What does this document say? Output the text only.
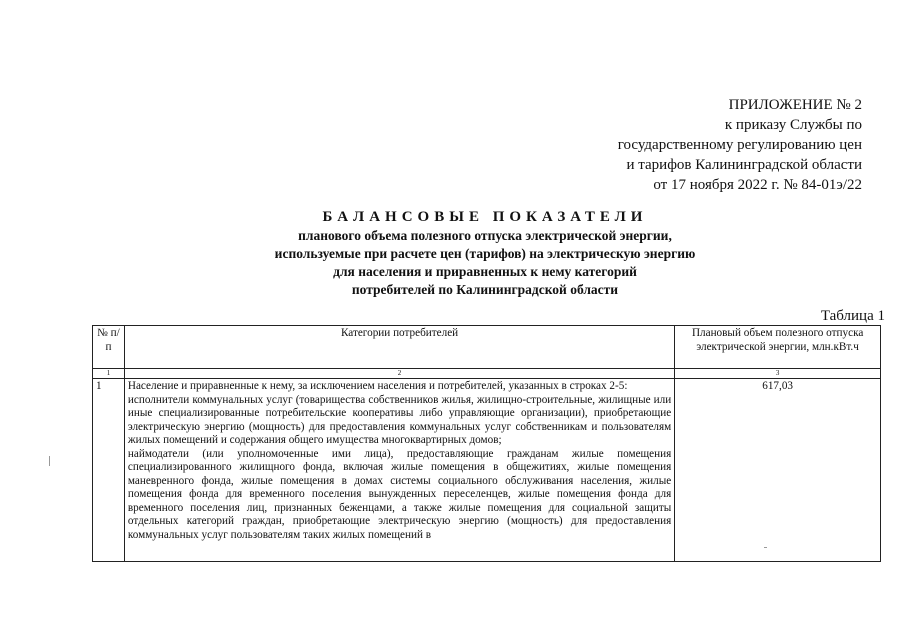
ПРИЛОЖЕНИЕ № 2
к приказу Службы по
государственному регулированию цен
и тарифов Калининградской области
от 17 ноября 2022 г. № 84-01э/22
БАЛАНСОВЫЕ ПОКАЗАТЕЛИ
планового объема полезного отпуска электрической энергии,
используемые при расчете цен (тарифов) на электрическую энергию
для населения и приравненных к нему категорий
потребителей по Калининградской области
Таблица 1
№ п/п	Категории потребителей	Плановый объем полезного отпуска электрической энергии, млн.кВт.ч
1	2	3
1	Население и приравненные к нему, за исключением населения и потребителей, указанных в строках 2-5:

исполнители коммунальных услуг (товарищества собственников жилья, жилищно-строительные, жилищные или иные специализированные потребительские кооперативы либо управляющие организации), приобретающие электрическую энергию (мощность) для предоставления коммунальных услуг собственникам и пользователям жилых помещений и содержания общего имущества многоквартирных домов;

наймодатели (или уполномоченные ими лица), предоставляющие гражданам жилые помещения специализированного жилищного фонда, включая жилые помещения в общежитиях, жилые помещения маневренного фонда, жилые помещения в домах системы социального обслуживания населения, жилые помещения фонда для временного поселения вынужденных переселенцев, жилые помещения фонда для временного поселения лиц, признанных беженцами, а также жилые помещения для социальной защиты отдельных категорий граждан, приобретающие электрическую энергию (мощность) для предоставления коммунальных услуг пользователям таких жилых помещений в	617,03
